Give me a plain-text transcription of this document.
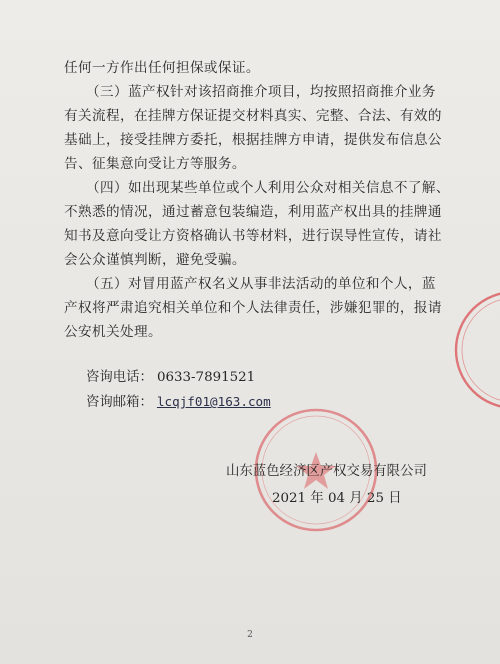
任何一方作出任何担保或保证。
（三）蓝产权针对该招商推介项目，均按照招商推介业务
有关流程，在挂牌方保证提交材料真实、完整、合法、有效的
基础上，接受挂牌方委托，根据挂牌方申请，提供发布信息公
告、征集意向受让方等服务。
（四）如出现某些单位或个人利用公众对相关信息不了解、
不熟悉的情况，通过蓄意包装编造，利用蓝产权出具的挂牌通
知书及意向受让方资格确认书等材料，进行误导性宣传，请社
会公众谨慎判断，避免受骗。
（五）对冒用蓝产权名义从事非法活动的单位和个人，蓝
产权将严肃追究相关单位和个人法律责任，涉嫌犯罪的，报请
公安机关处理。
咨询电话： 0633-7891521
咨询邮箱： lcqjf01@163.com
山东蓝色经济区产权交易有限公司
2021 年 04 月 25 日
2
